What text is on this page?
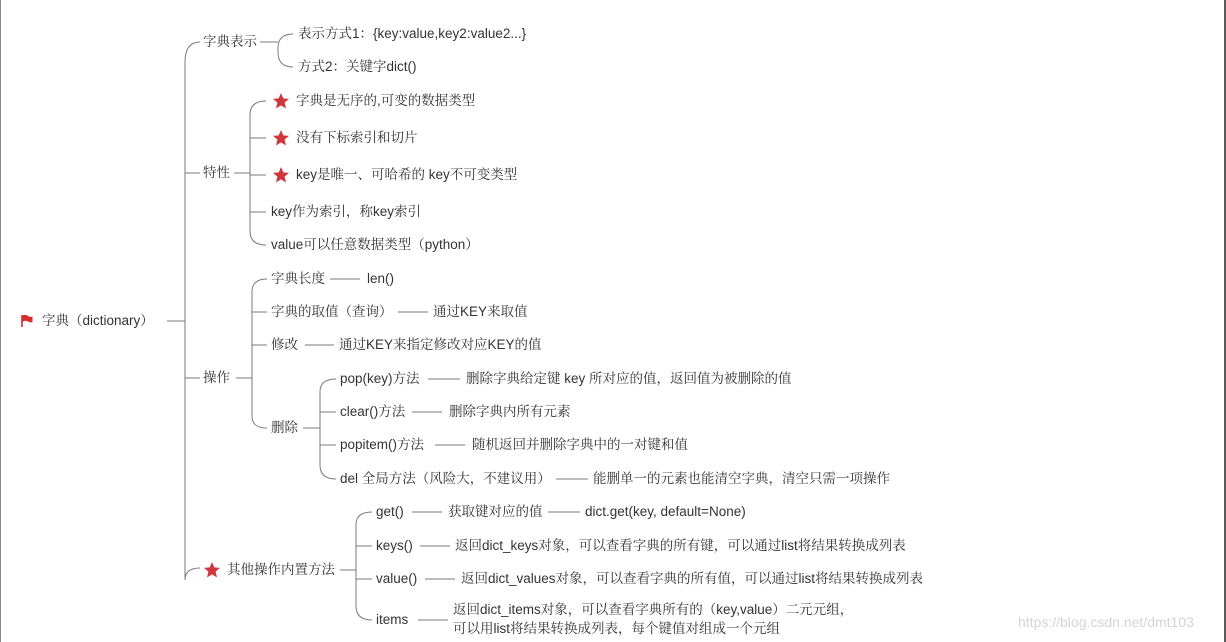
字典（dictionary）
字典表示
表示方式1：{key:value,key2:value2...}
方式2：关键字dict()
特性
字典是无序的,可变的数据类型
没有下标索引和切片
key是唯一、可哈希的 key不可变类型
key作为索引，称key索引
value可以任意数据类型（python）
操作
字典长度	len()
字典的取值（查询）	通过KEY来取值
修改	通过KEY来指定修改对应KEY的值
删除
pop(key)方法	删除字典给定键 key 所对应的值，返回值为被删除的值
clear()方法	删除字典内所有元素
popitem()方法	随机返回并删除字典中的一对键和值
del 全局方法（风险大，不建议用）	能删单一的元素也能清空字典，清空只需一项操作
其他操作内置方法
get()	获取键对应的值	dict.get(key, default=None)
keys()	返回dict_keys对象，可以查看字典的所有键，可以通过list将结果转换成列表
value()	返回dict_values对象，可以查看字典的所有值，可以通过list将结果转换成列表
items
返回dict_items对象，可以查看字典所有的（key,value）二元元组，
可以用list将结果转换成列表，每个键值对组成一个元组	https://blog.csdn.net/dmt103
